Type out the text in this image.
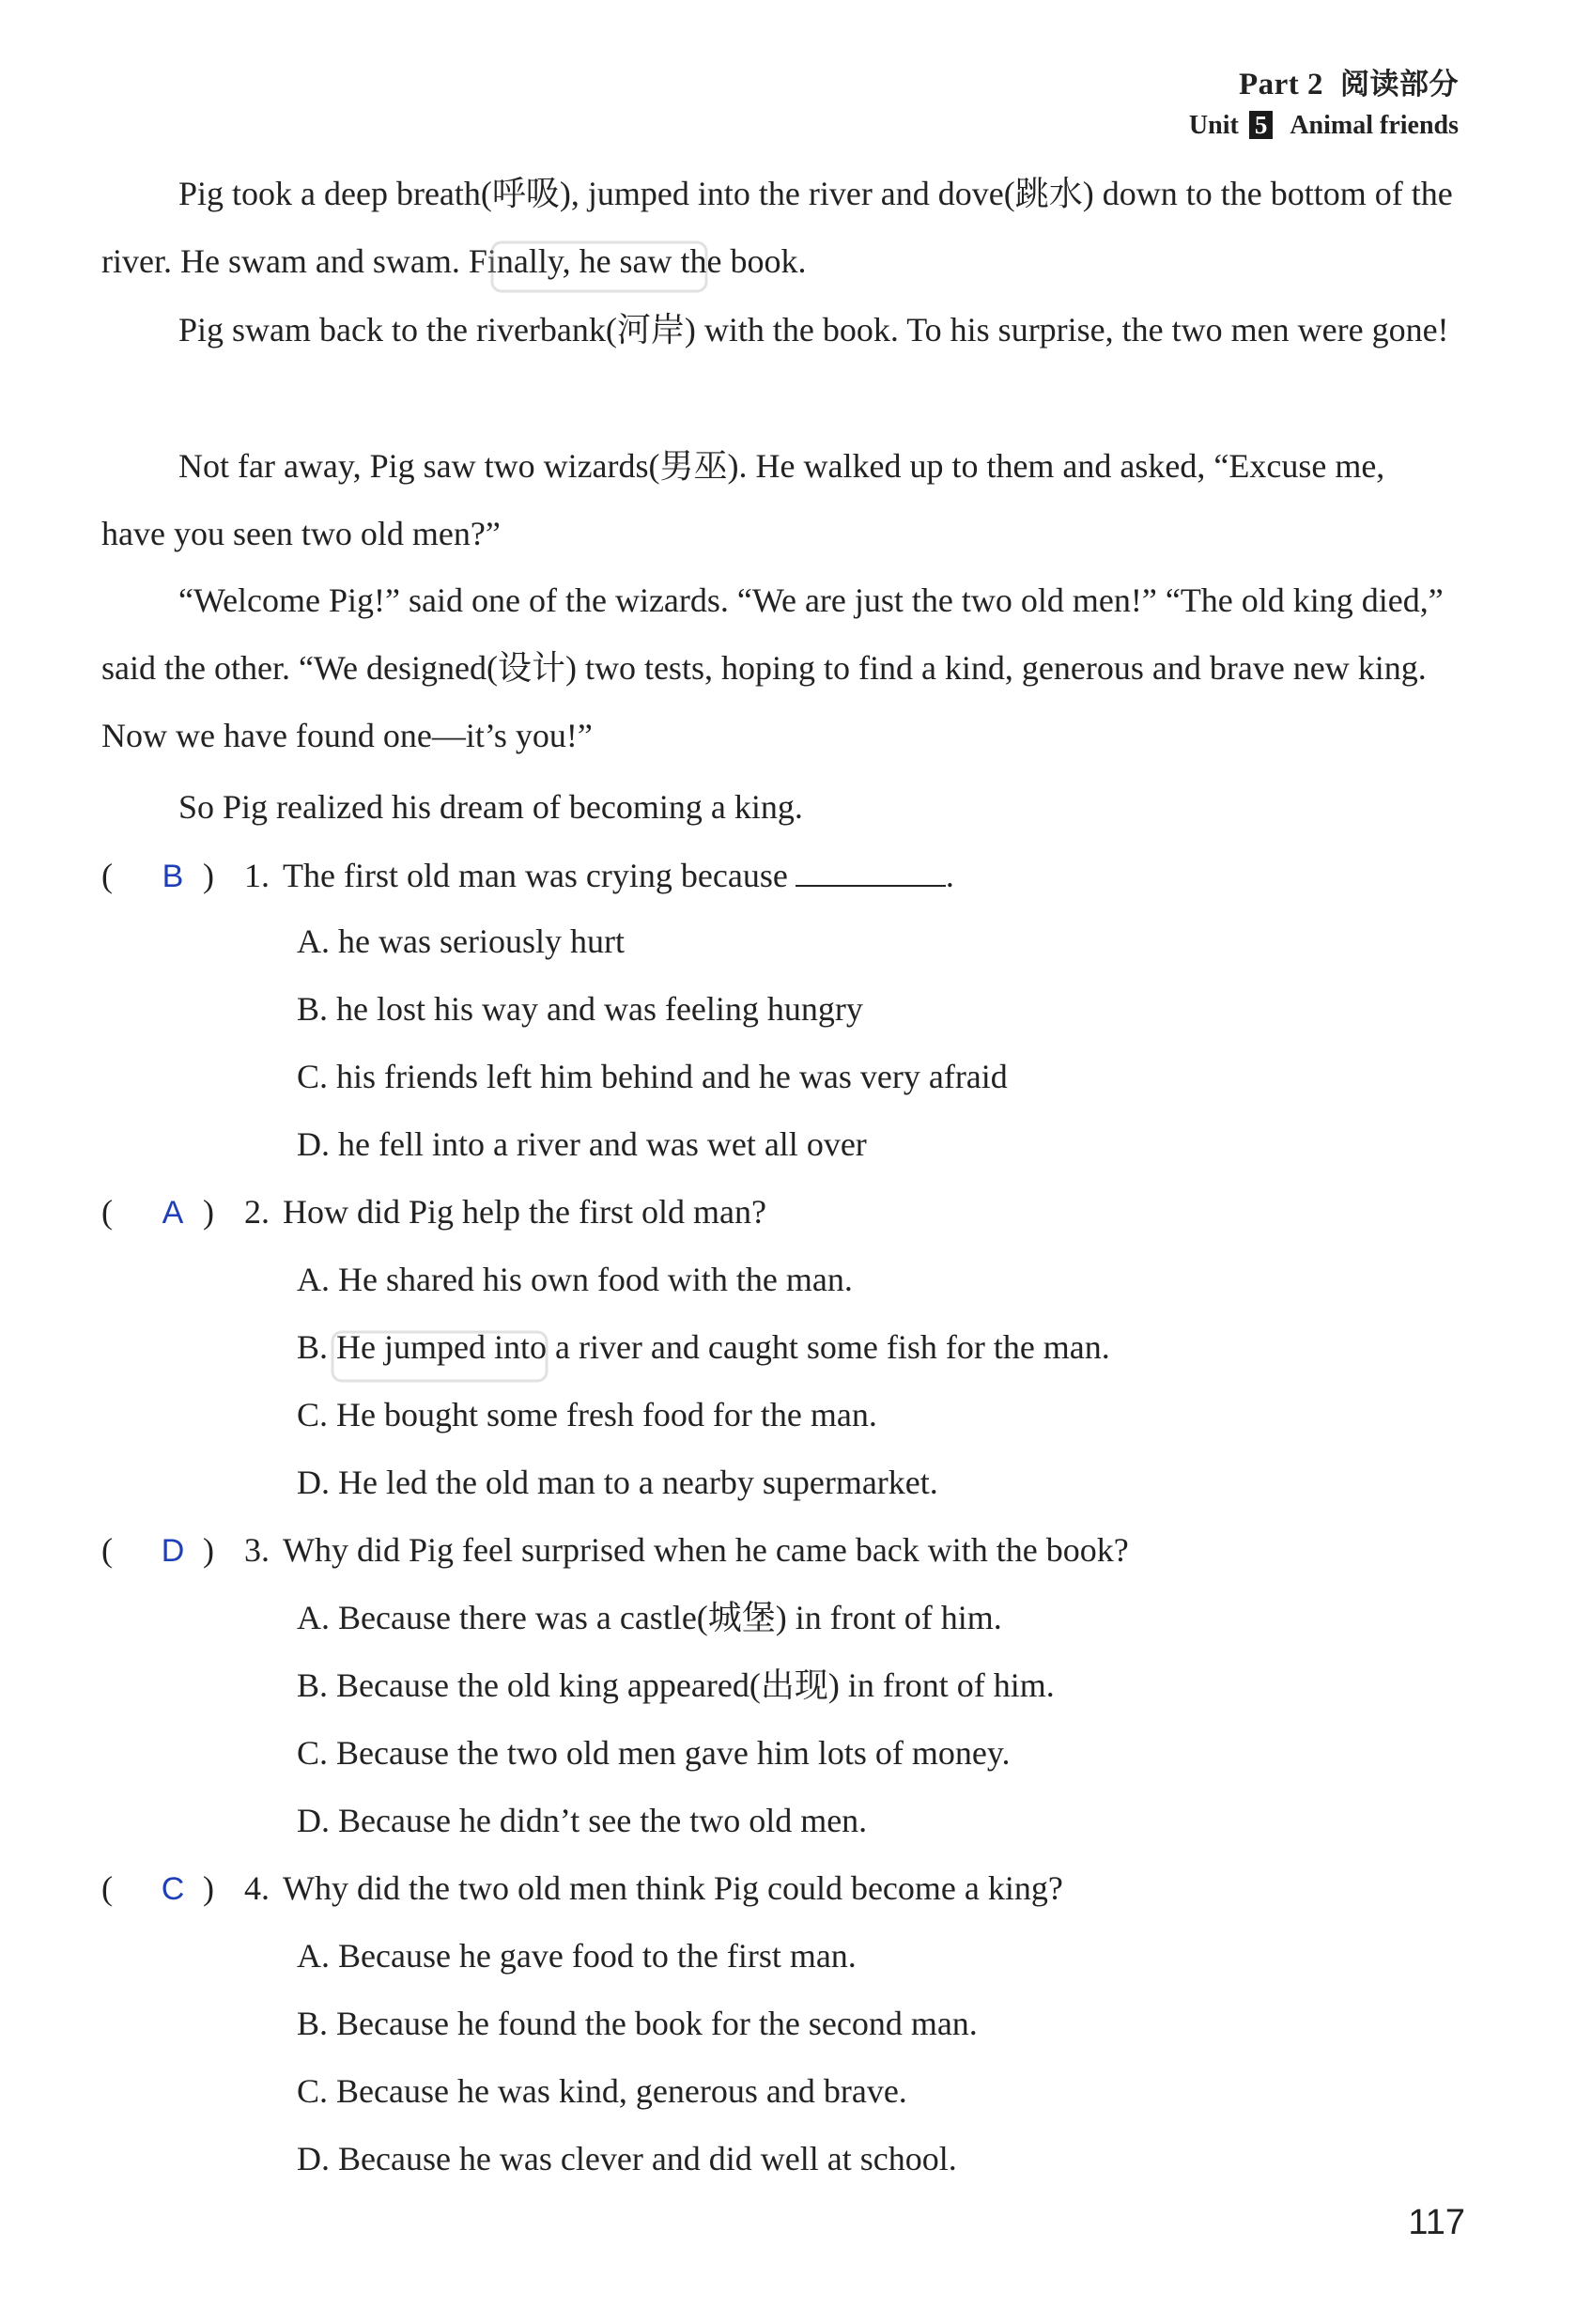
Part 2 阅读部分
Unit 5 Animal friends

Pig took a deep breath(呼吸), jumped into the river and dove(跳水) down to the bottom of the river. He swam and swam. Finally, he saw the book.

Pig swam back to the riverbank(河岸) with the book. To his surprise, the two men were gone!

Not far away, Pig saw two wizards(男巫). He walked up to them and asked, “Excuse me, have you seen two old men?”

“Welcome Pig!” said one of the wizards. “We are just the two old men!” “The old king died,” said the other. “We designed(设计) two tests, hoping to find a kind, generous and brave new king. Now we have found one—it’s you!”

So Pig realized his dream of becoming a king.

( B ) 1. The first old man was crying because	.
A. he was seriously hurt
B. he lost his way and was feeling hungry
C. his friends left him behind and he was very afraid
D. he fell into a river and was wet all over
( A ) 2. How did Pig help the first old man?
A. He shared his own food with the man.
B. He jumped into a river and caught some fish for the man.
C. He bought some fresh food for the man.
D. He led the old man to a nearby supermarket.
( D ) 3. Why did Pig feel surprised when he came back with the book?
A. Because there was a castle(城堡) in front of him.
B. Because the old king appeared(出现) in front of him.
C. Because the two old men gave him lots of money.
D. Because he didn’t see the two old men.
( C ) 4. Why did the two old men think Pig could become a king?
A. Because he gave food to the first man.
B. Because he found the book for the second man.
C. Because he was kind, generous and brave.
D. Because he was clever and did well at school.
117
